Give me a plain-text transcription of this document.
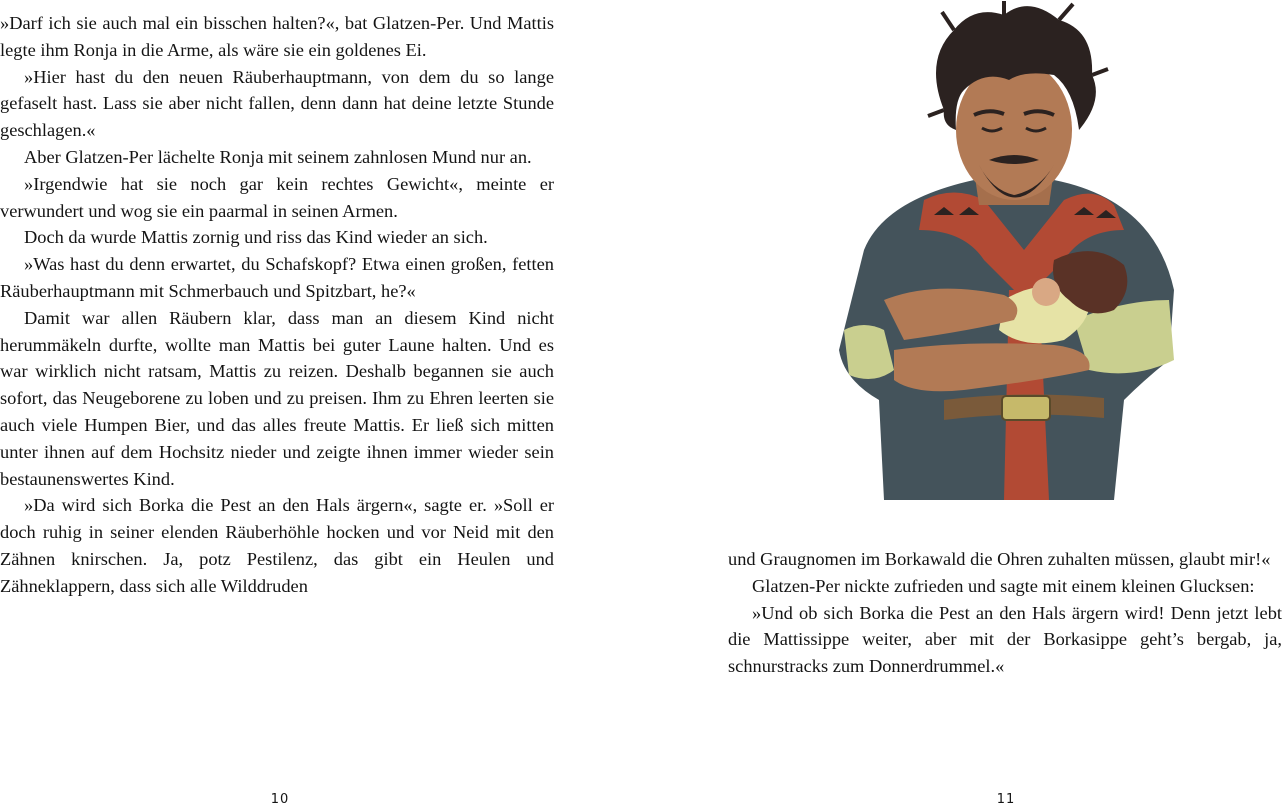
»Darf ich sie auch mal ein bisschen halten?«, bat Glatzen-Per. Und Mattis legte ihm Ronja in die Arme, als wäre sie ein goldenes Ei.

»Hier hast du den neuen Räuberhauptmann, von dem du so lange gefaselt hast. Lass sie aber nicht fallen, denn dann hat deine letzte Stunde geschlagen.«

Aber Glatzen-Per lächelte Ronja mit seinem zahnlosen Mund nur an.

»Irgendwie hat sie noch gar kein rechtes Gewicht«, meinte er verwundert und wog sie ein paarmal in seinen Armen.

Doch da wurde Mattis zornig und riss das Kind wieder an sich.

»Was hast du denn erwartet, du Schafskopf? Etwa einen großen, fetten Räuberhauptmann mit Schmerbauch und Spitzbart, he?«

Damit war allen Räubern klar, dass man an diesem Kind nicht herummäkeln durfte, wollte man Mattis bei guter Laune halten. Und es war wirklich nicht ratsam, Mattis zu reizen. Deshalb begannen sie auch sofort, das Neugeborene zu loben und zu preisen. Ihm zu Ehren leerten sie auch viele Humpen Bier, und das alles freute Mattis. Er ließ sich mitten unter ihnen auf dem Hochsitz nieder und zeigte ihnen immer wieder sein bestaunenswertes Kind.

»Da wird sich Borka die Pest an den Hals ärgern«, sagte er. »Soll er doch ruhig in seiner elenden Räuberhöhle hocken und vor Neid mit den Zähnen knirschen. Ja, potz Pestilenz, das gibt ein Heulen und Zähneklappern, dass sich alle Wilddruden

10

und Graugnomen im Borkawald die Ohren zuhalten müssen, glaubt mir!«

Glatzen-Per nickte zufrieden und sagte mit einem kleinen Glucksen:

»Und ob sich Borka die Pest an den Hals ärgern wird! Denn jetzt lebt die Mattissippe weiter, aber mit der Borkasippe geht’s bergab, ja, schnurstracks zum Donnerdrummel.«

11
